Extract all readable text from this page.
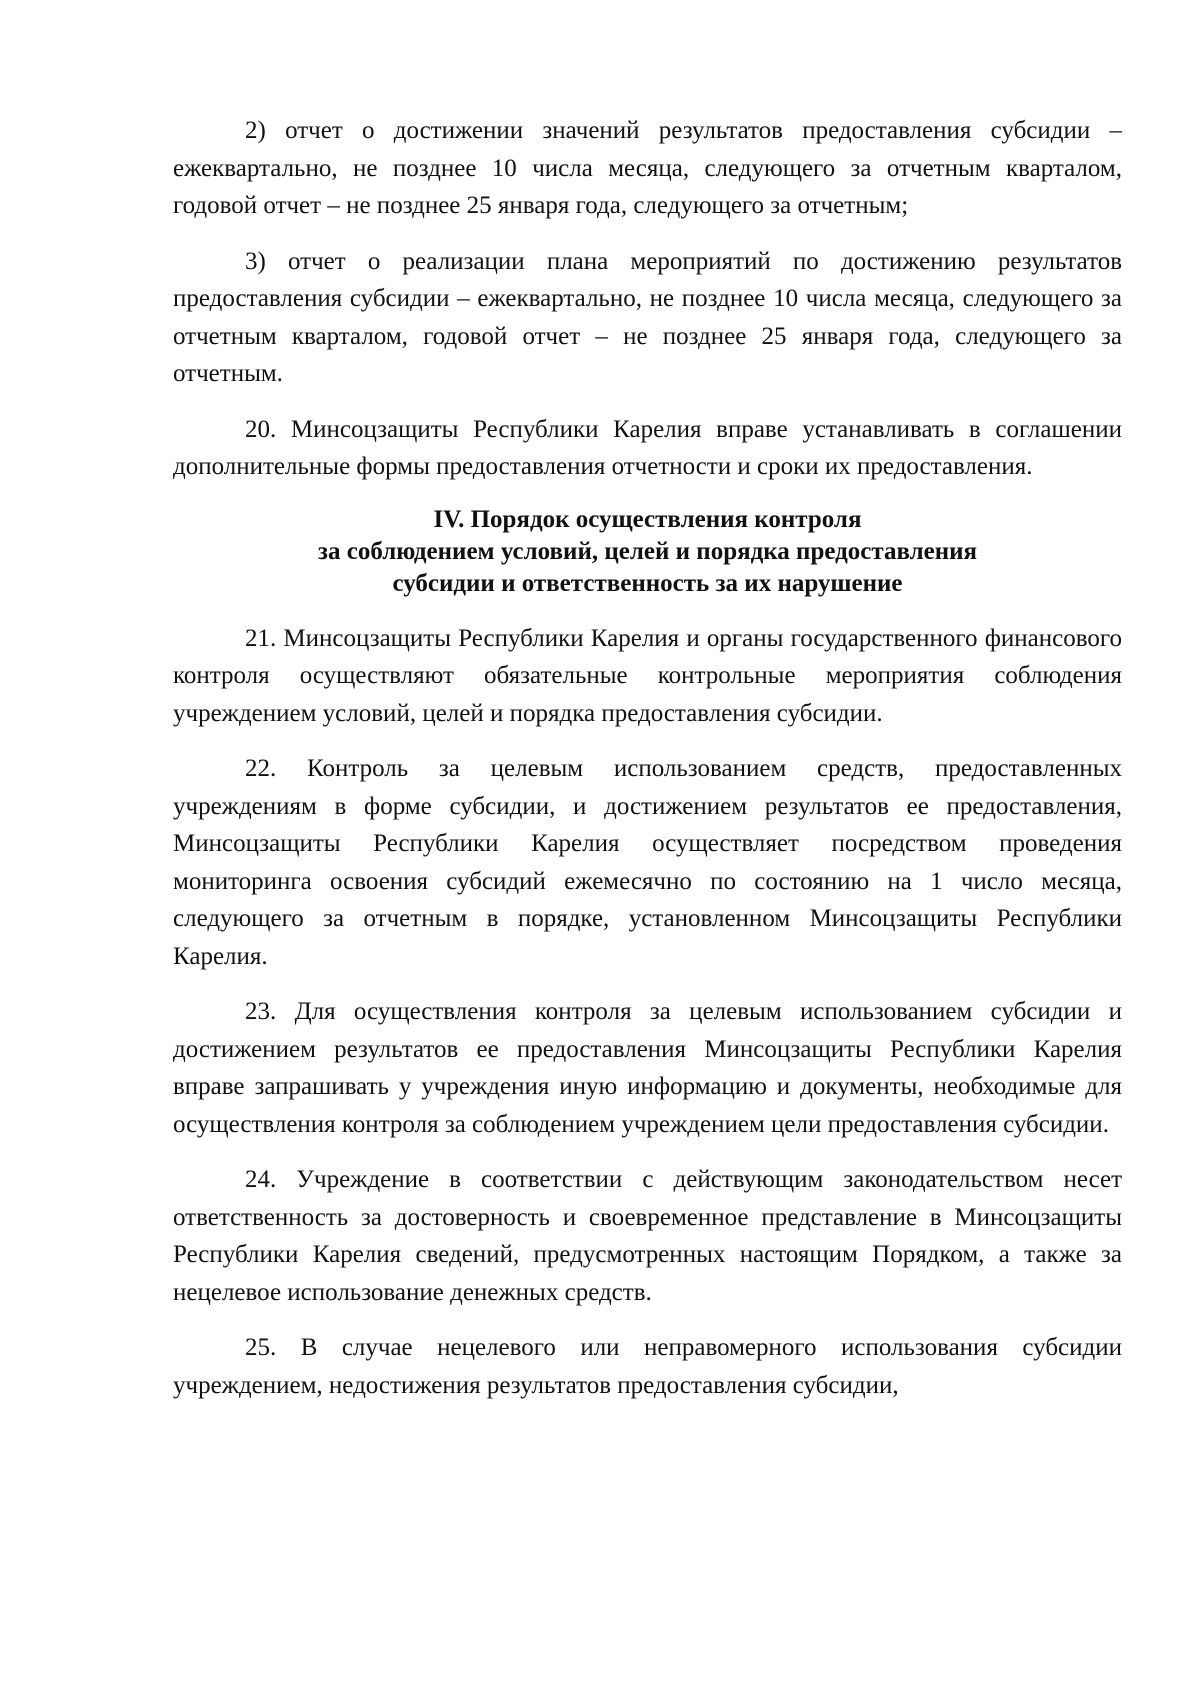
2) отчет о достижении значений результатов предоставления субсидии – ежеквартально, не позднее 10 числа месяца, следующего за отчетным кварталом, годовой отчет – не позднее 25 января года, следующего за отчетным;

3) отчет о реализации плана мероприятий по достижению результатов предоставления субсидии – ежеквартально, не позднее 10 числа месяца, следующего за отчетным кварталом, годовой отчет – не позднее 25 января года, следующего за отчетным.

20. Минсоцзащиты Республики Карелия вправе устанавливать в соглашении дополнительные формы предоставления отчетности и сроки их предоставления.

IV. Порядок осуществления контроля
за соблюдением условий, целей и порядка предоставления
субсидии и ответственность за их нарушение

21. Минсоцзащиты Республики Карелия и органы государственного финансового контроля осуществляют обязательные контрольные мероприятия соблюдения учреждением условий, целей и порядка предоставления субсидии.

22. Контроль за целевым использованием средств, предоставленных учреждениям в форме субсидии, и достижением результатов ее предоставления, Минсоцзащиты Республики Карелия осуществляет посредством проведения мониторинга освоения субсидий ежемесячно по состоянию на 1 число месяца, следующего за отчетным в порядке, установленном Минсоцзащиты Республики Карелия.

23. Для осуществления контроля за целевым использованием субсидии и достижением результатов ее предоставления Минсоцзащиты Республики Карелия вправе запрашивать у учреждения иную информацию и документы, необходимые для осуществления контроля за соблюдением учреждением цели предоставления субсидии.

24. Учреждение в соответствии с действующим законодательством несет ответственность за достоверность и своевременное представление в Минсоцзащиты Республики Карелия сведений, предусмотренных настоящим Порядком, а также за нецелевое использование денежных средств.

25. В случае нецелевого или неправомерного использования субсидии учреждением, недостижения результатов предоставления субсидии,
